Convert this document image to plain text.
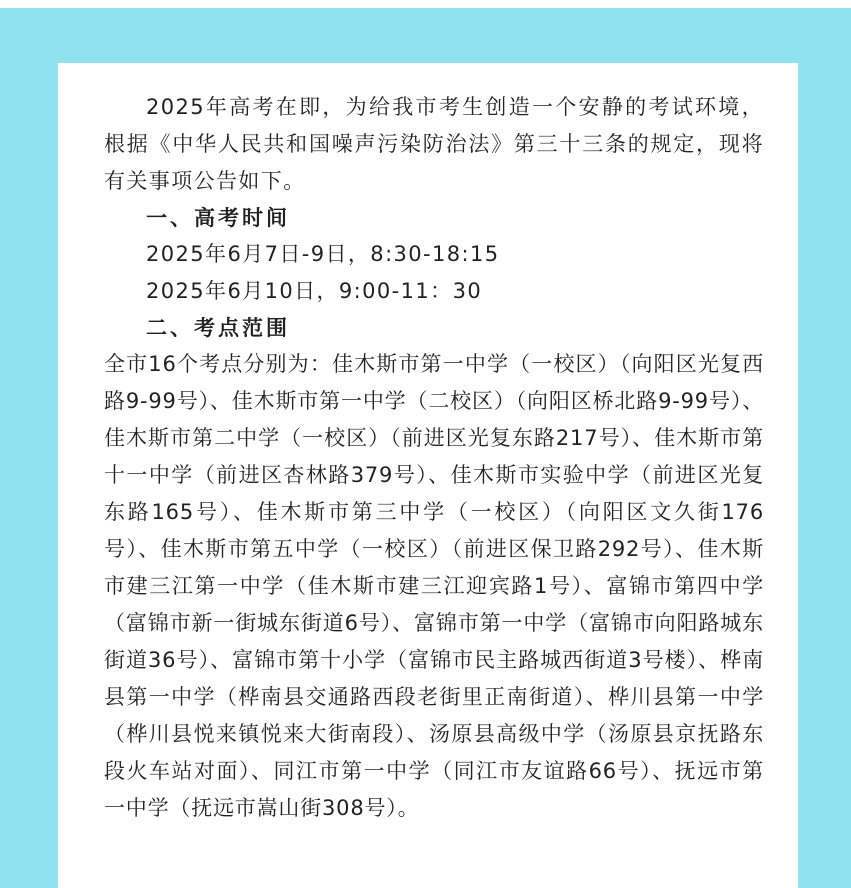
2025年高考在即，为给我市考生创造一个安静的考试环境，根据《中华人民共和国噪声污染防治法》第三十三条的规定，现将有关事项公告如下。

一、高考时间

2025年6月7日-9日，8:30-18:15

2025年6月10日，9:00-11：30

二、考点范围

全市16个考点分别为：佳木斯市第一中学（一校区）（向阳区光复西路9-99号）、佳木斯市第一中学（二校区）（向阳区桥北路9-99号）、佳木斯市第二中学（一校区）（前进区光复东路217号）、佳木斯市第十一中学（前进区杏林路379号）、佳木斯市实验中学（前进区光复东路165号）、佳木斯市第三中学（一校区）（向阳区文久街176号）、佳木斯市第五中学（一校区）（前进区保卫路292号）、佳木斯市建三江第一中学（佳木斯市建三江迎宾路1号）、富锦市第四中学（富锦市新一街城东街道6号）、富锦市第一中学（富锦市向阳路城东街道36号）、富锦市第十小学（富锦市民主路城西街道3号楼）、桦南县第一中学（桦南县交通路西段老街里正南街道）、桦川县第一中学（桦川县悦来镇悦来大街南段）、汤原县高级中学（汤原县京抚路东段火车站对面）、同江市第一中学（同江市友谊路66号）、抚远市第一中学（抚远市嵩山街308号）。
